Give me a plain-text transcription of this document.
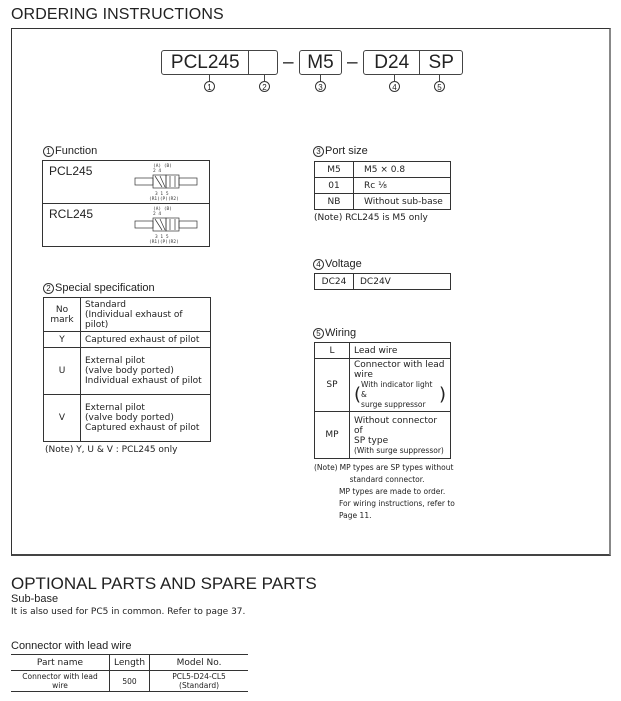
ORDERING INSTRUCTIONS
PCL245	– M5 – D24	SP
1	2	3	4	5
1 Function
PCL245	(A) (B)
2 4
3 1 5
(R1)(P)(R2)
RCL245	(A) (B)
2 4
3 1 5
(R1)(P)(R2)
2 Special specification
No mark	Standard
(Individual exhaust of pilot)

Y	Captured exhaust of pilot
U	External pilot
(valve body ported)
Individual exhaust of pilot

V	External pilot
(valve body ported)
Captured exhaust of pilot
(Note) Y, U & V : PCL245 only
3 Port size
M5	M5 × 0.8
01	Rc ⅛
NB	Without sub-base
(Note) RCL245 is M5 only
4 Voltage
DC24	DC24V
5 Wiring
L	Lead wire
SP	Connector with lead wire
( With indicator light &
surge suppressor )

MP	Without connector of
SP type
(With surge suppressor)
(Note) MP types are SP types without
standard connector.
MP types are made to order.
For wiring instructions, refer to
Page 11.
OPTIONAL PARTS AND SPARE PARTS
Sub-base
It is also used for PC5 in common. Refer to page 37.
Connector with lead wire
Part name	Length	Model No.
Connector with lead wire	500	PCL5-D24-CL5 (Standard)
